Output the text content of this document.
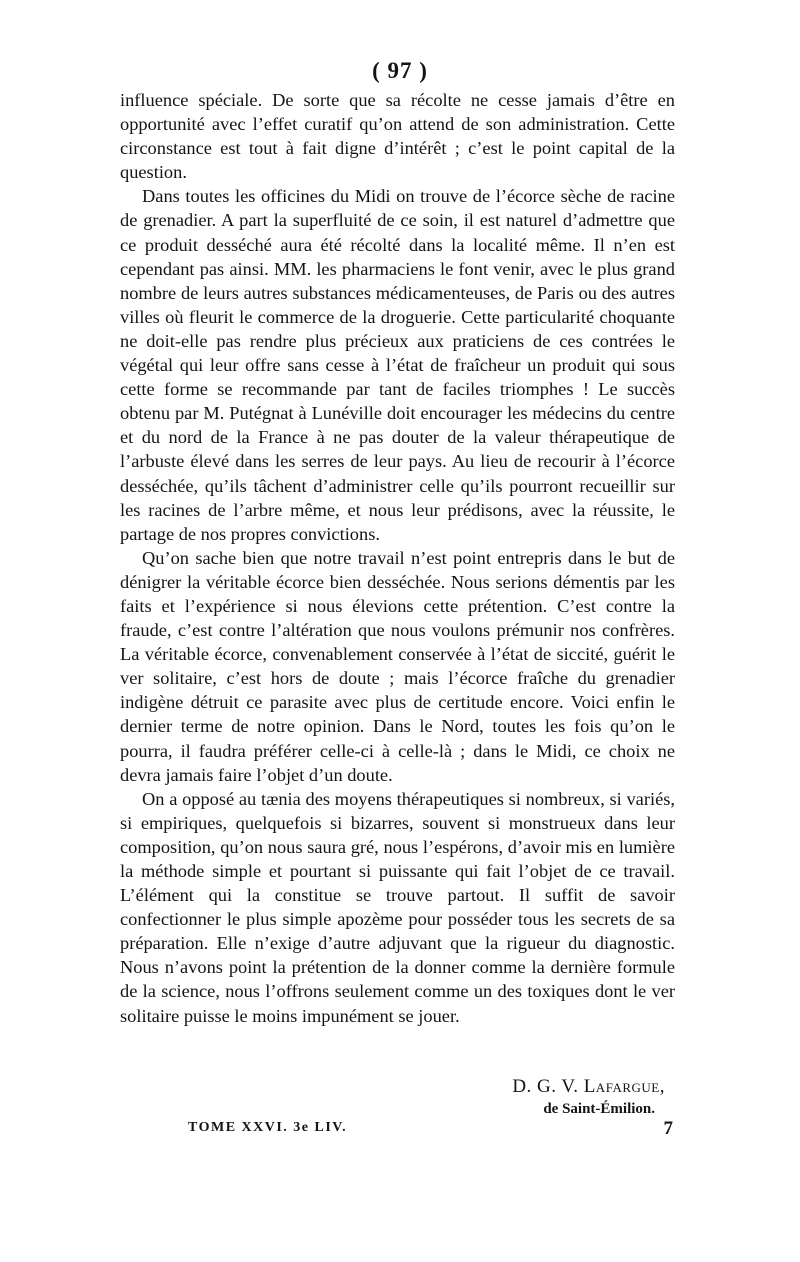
( 97 )

influence spéciale. De sorte que sa récolte ne cesse jamais d’être en opportunité avec l’effet curatif qu’on attend de son administration. Cette circonstance est tout à fait digne d’intérêt ; c’est le point capital de la question.

Dans toutes les officines du Midi on trouve de l’écorce sèche de racine de grenadier. A part la superfluité de ce soin, il est naturel d’admettre que ce produit desséché aura été récolté dans la localité même. Il n’en est cependant pas ainsi. MM. les pharmaciens le font venir, avec le plus grand nombre de leurs autres substances médicamenteuses, de Paris ou des autres villes où fleurit le commerce de la droguerie. Cette particularité choquante ne doit-elle pas rendre plus précieux aux praticiens de ces contrées le végétal qui leur offre sans cesse à l’état de fraîcheur un produit qui sous cette forme se recommande par tant de faciles triomphes ! Le succès obtenu par M. Putégnat à Lunéville doit encourager les médecins du centre et du nord de la France à ne pas douter de la valeur thérapeutique de l’arbuste élevé dans les serres de leur pays. Au lieu de recourir à l’écorce desséchée, qu’ils tâchent d’administrer celle qu’ils pourront recueillir sur les racines de l’arbre même, et nous leur prédisons, avec la réussite, le partage de nos propres convictions.

Qu’on sache bien que notre travail n’est point entrepris dans le but de dénigrer la véritable écorce bien desséchée. Nous serions démentis par les faits et l’expérience si nous élevions cette prétention. C’est contre la fraude, c’est contre l’altération que nous voulons prémunir nos confrères. La véritable écorce, convenablement conservée à l’état de siccité, guérit le ver solitaire, c’est hors de doute ; mais l’écorce fraîche du grenadier indigène détruit ce parasite avec plus de certitude encore. Voici enfin le dernier terme de notre opinion. Dans le Nord, toutes les fois qu’on le pourra, il faudra préférer celle-ci à celle-là ; dans le Midi, ce choix ne devra jamais faire l’objet d’un doute.

On a opposé au tænia des moyens thérapeutiques si nombreux, si variés, si empiriques, quelquefois si bizarres, souvent si monstrueux dans leur composition, qu’on nous saura gré, nous l’espérons, d’avoir mis en lumière la méthode simple et pourtant si puissante qui fait l’objet de ce travail. L’élément qui la constitue se trouve partout. Il suffit de savoir confectionner le plus simple apozème pour posséder tous les secrets de sa préparation. Elle n’exige d’autre adjuvant que la rigueur du diagnostic. Nous n’avons point la prétention de la donner comme la dernière formule de la science, nous l’offrons seulement comme un des toxiques dont le ver solitaire puisse le moins impunément se jouer.

D. G. V. Lafargue,
de Saint-Émilion.
TOME XXVI. 3e LIV.	7
